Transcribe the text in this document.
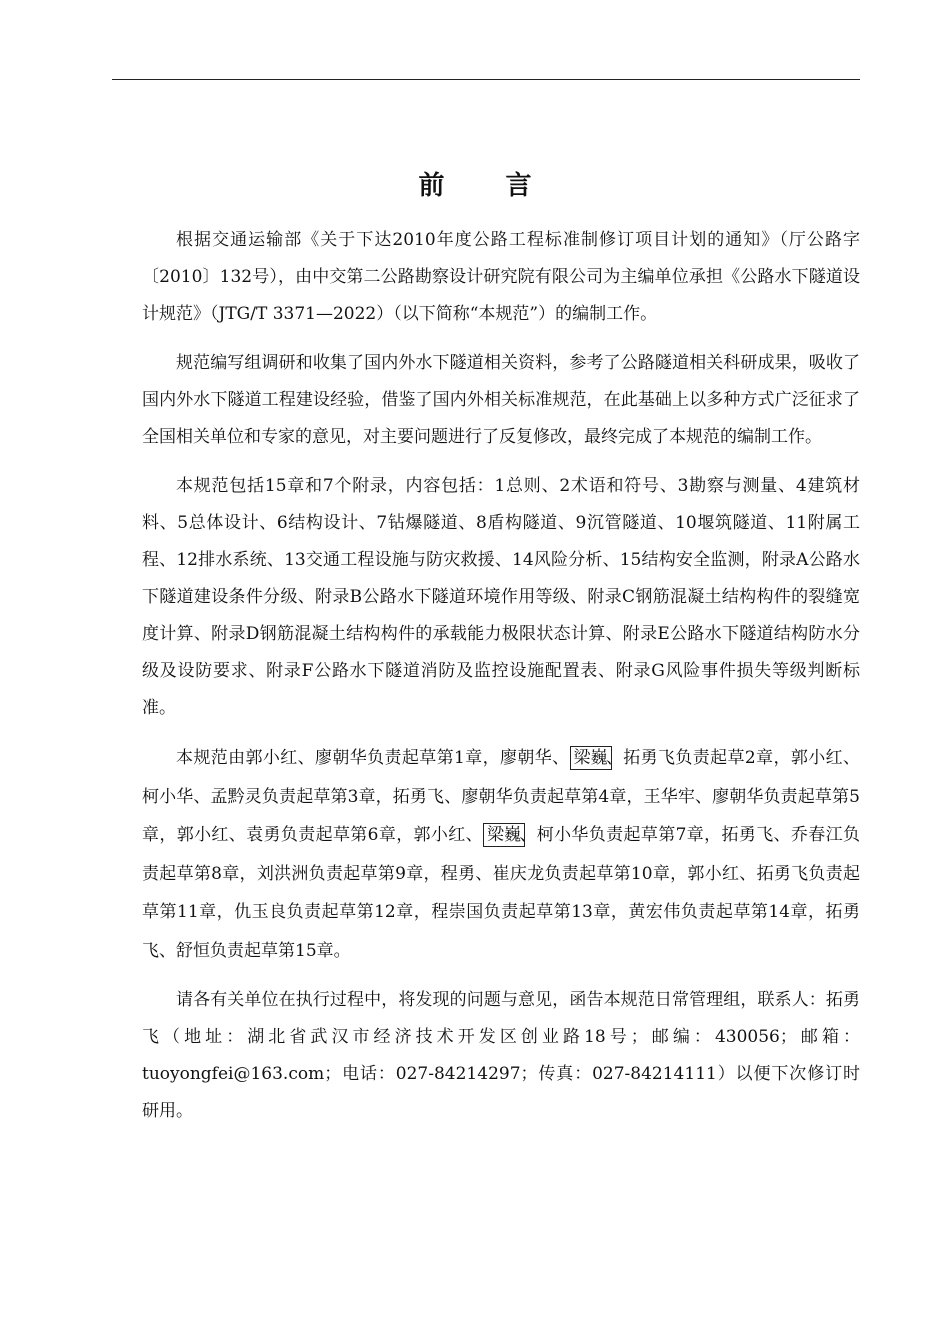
前 言

根据交通运输部《关于下达2010年度公路工程标准制修订项目计划的通知》（厅公路字〔2010〕132号），由中交第二公路勘察设计研究院有限公司为主编单位承担《公路水下隧道设计规范》（JTG/T 3371—2022）（以下简称“本规范”）的编制工作。

规范编写组调研和收集了国内外水下隧道相关资料，参考了公路隧道相关科研成果，吸收了国内外水下隧道工程建设经验，借鉴了国内外相关标准规范，在此基础上以多种方式广泛征求了全国相关单位和专家的意见，对主要问题进行了反复修改，最终完成了本规范的编制工作。

本规范包括15章和7个附录，内容包括：1总则、2术语和符号、3勘察与测量、4建筑材料、5总体设计、6结构设计、7钻爆隧道、8盾构隧道、9沉管隧道、10堰筑隧道、11附属工程、12排水系统、13交通工程设施与防灾救援、14风险分析、15结构安全监测，附录A公路水下隧道建设条件分级、附录B公路水下隧道环境作用等级、附录C钢筋混凝土结构构件的裂缝宽度计算、附录D钢筋混凝土结构构件的承载能力极限状态计算、附录E公路水下隧道结构防水分级及设防要求、附录F公路水下隧道消防及监控设施配置表、附录G风险事件损失等级判断标准。

本规范由郭小红、廖朝华负责起草第1章，廖朝华、 梁巍、拓勇飞负责起草2章，郭小红、柯小华、孟黔灵负责起草第3章，拓勇飞、廖朝华负责起草第4章，王华牢、廖朝华负责起草第5章，郭小红、袁勇负责起草第6章，郭小红、 梁巍、柯小华负责起草第7章，拓勇飞、乔春江负责起草第8章，刘洪洲负责起草第9章，程勇、崔庆龙负责起草第10章，郭小红、拓勇飞负责起草第11章，仇玉良负责起草第12章，程崇国负责起草第13章，黄宏伟负责起草第14章，拓勇飞、舒恒负责起草第15章。

请各有关单位在执行过程中，将发现的问题与意见，函告本规范日常管理组，联系人：拓勇飞（地址：湖北省武汉市经济技术开发区创业路18号；邮编：430056；邮箱：tuoyongfei@163.com；电话：027-84214297；传真：027-84214111）以便下次修订时研用。
